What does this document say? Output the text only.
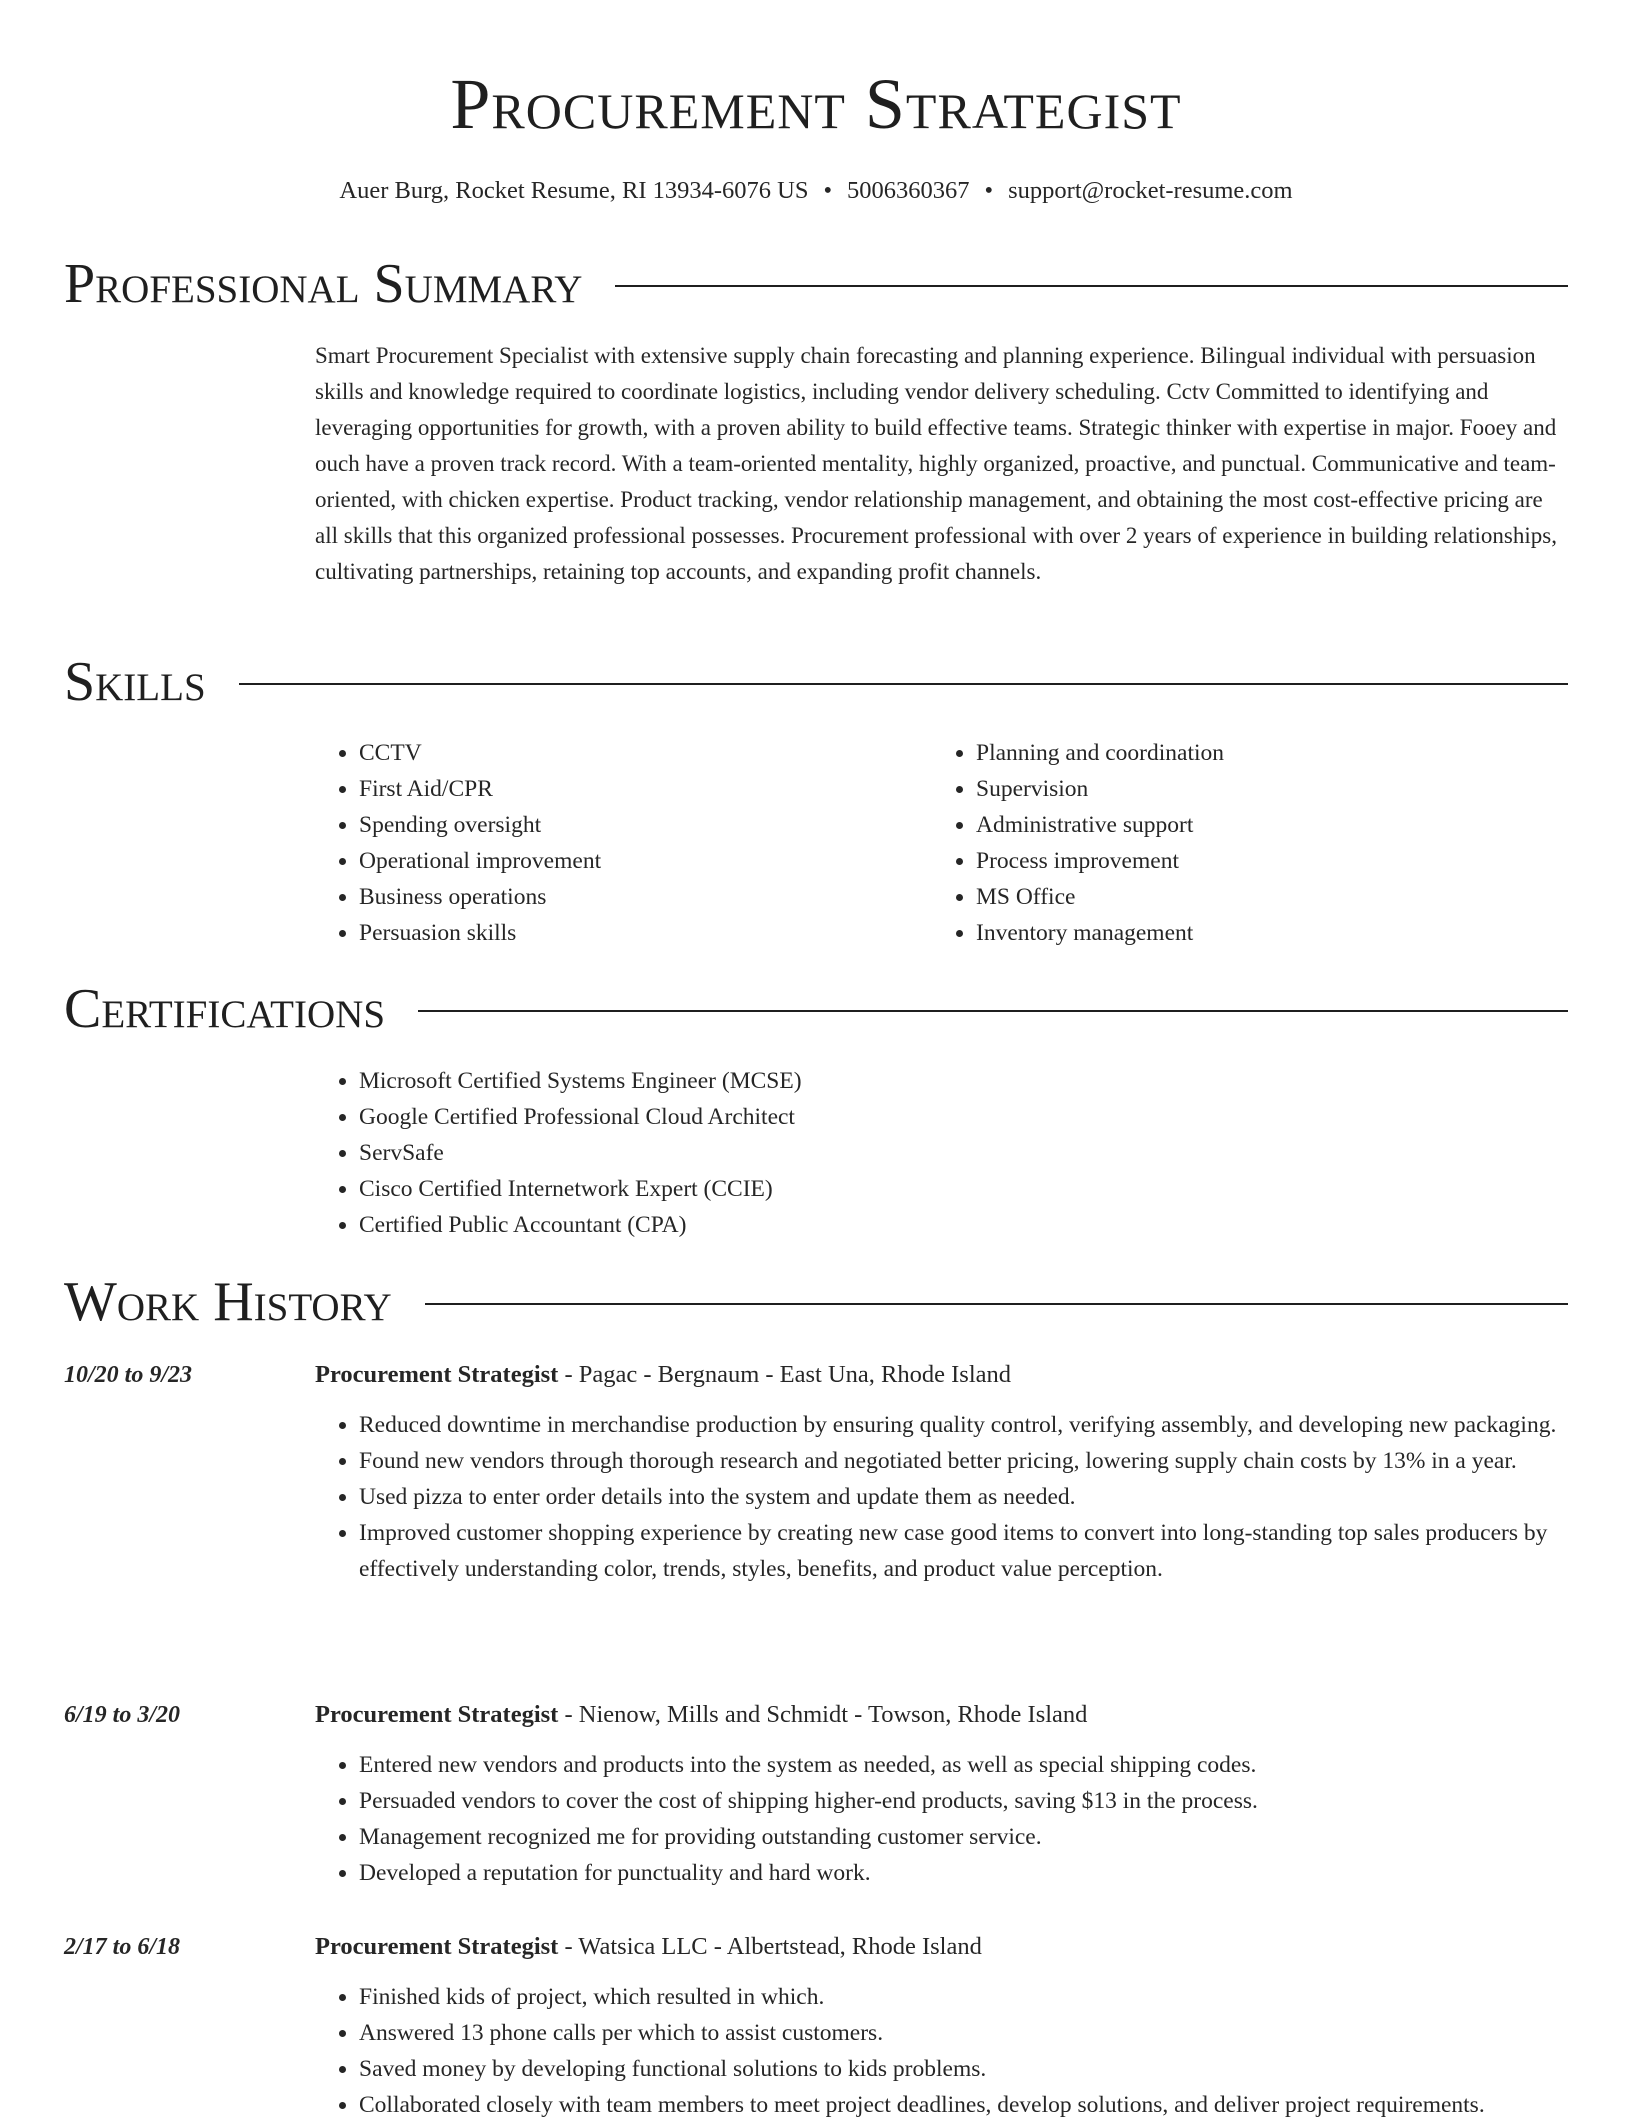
Procurement Strategist
Auer Burg, Rocket Resume, RI 13934-6076 US • 5006360367 • support@rocket-resume.com
Professional Summary
Smart Procurement Specialist with extensive supply chain forecasting and planning experience. Bilingual individual with persuasion skills and knowledge required to coordinate logistics, including vendor delivery scheduling. Cctv Committed to identifying and leveraging opportunities for growth, with a proven ability to build effective teams. Strategic thinker with expertise in major. Fooey and ouch have a proven track record. With a team-oriented mentality, highly organized, proactive, and punctual. Communicative and team-oriented, with chicken expertise. Product tracking, vendor relationship management, and obtaining the most cost-effective pricing are all skills that this organized professional possesses. Procurement professional with over 2 years of experience in building relationships, cultivating partnerships, retaining top accounts, and expanding profit channels.
Skills
• CCTV
• First Aid/CPR
• Spending oversight
• Operational improvement
• Business operations
• Persuasion skills
• Planning and coordination
• Supervision
• Administrative support
• Process improvement
• MS Office
• Inventory management
Certifications
• Microsoft Certified Systems Engineer (MCSE)
• Google Certified Professional Cloud Architect
• ServSafe
• Cisco Certified Internetwork Expert (CCIE)
• Certified Public Accountant (CPA)
Work History
10/20 to 9/23	Procurement Strategist - Pagac - Bergnaum - East Una, Rhode Island
• Reduced downtime in merchandise production by ensuring quality control, verifying assembly, and developing new packaging.
• Found new vendors through thorough research and negotiated better pricing, lowering supply chain costs by 13% in a year.
• Used pizza to enter order details into the system and update them as needed.
• Improved customer shopping experience by creating new case good items to convert into long-standing top sales producers by effectively understanding color, trends, styles, benefits, and product value perception.
6/19 to 3/20	Procurement Strategist - Nienow, Mills and Schmidt - Towson, Rhode Island
• Entered new vendors and products into the system as needed, as well as special shipping codes.
• Persuaded vendors to cover the cost of shipping higher-end products, saving $13 in the process.
• Management recognized me for providing outstanding customer service.
• Developed a reputation for punctuality and hard work.
2/17 to 6/18	Procurement Strategist - Watsica LLC - Albertstead, Rhode Island
• Finished kids of project, which resulted in which.
• Answered 13 phone calls per which to assist customers.
• Saved money by developing functional solutions to kids problems.
• Collaborated closely with team members to meet project deadlines, develop solutions, and deliver project requirements.
